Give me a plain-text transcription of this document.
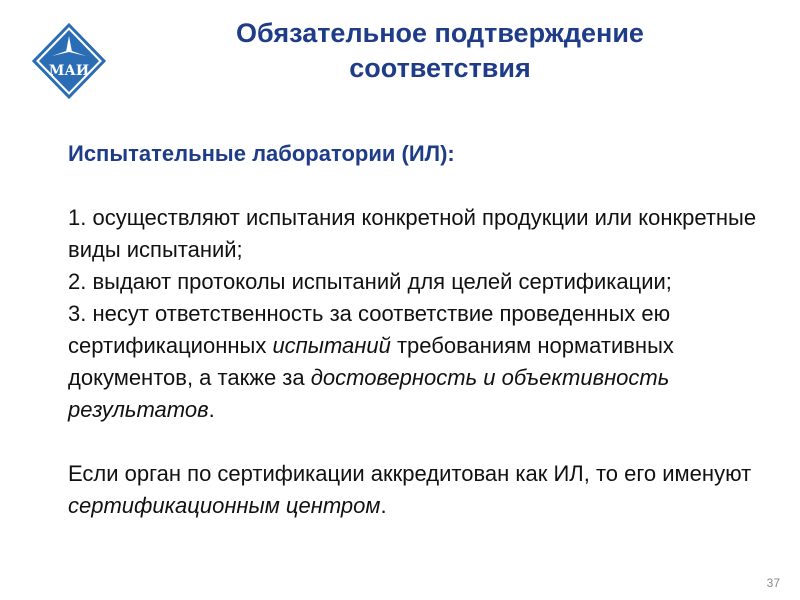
МАИ
Обязательное подтверждение
соответствия

Испытательные лаборатории (ИЛ):

1. осуществляют испытания конкретной продукции или конкретные виды испытаний;

2. выдают протоколы испытаний для целей сертификации;

3. несут ответственность за соответствие проведенных ею сертификационных испытаний требованиям нормативных документов, а также за достоверность и объективность результатов.

Если орган по сертификации аккредитован как ИЛ, то его именуют сертификационным центром.

37
